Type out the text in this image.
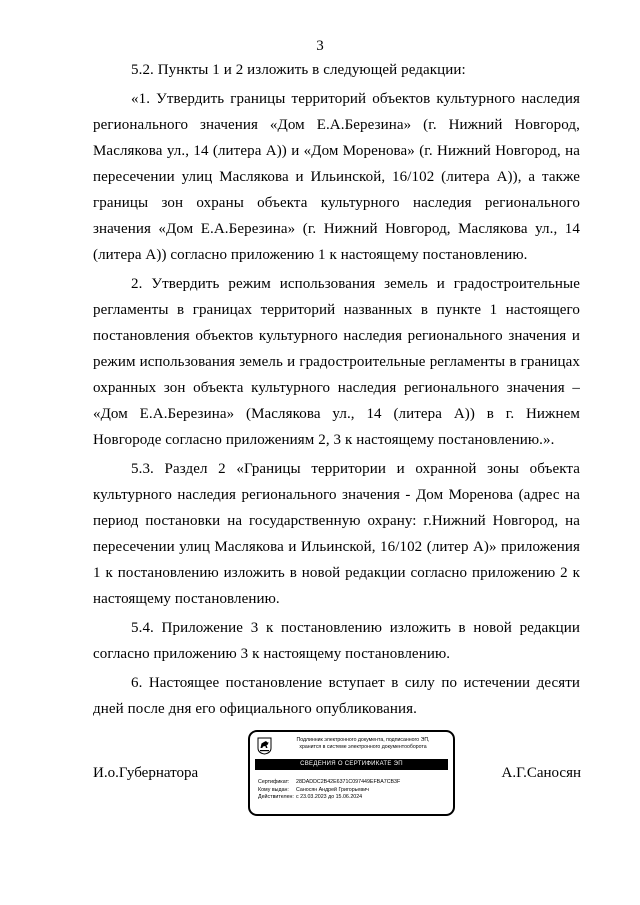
3

5.2. Пункты 1 и 2 изложить в следующей редакции:

«1. Утвердить границы территорий объектов культурного наследия регионального значения «Дом Е.А.Березина» (г. Нижний Новгород, Маслякова ул., 14 (литера А)) и «Дом Моренова» (г. Нижний Новгород, на пересечении улиц Маслякова и Ильинской, 16/102 (литера А)), а также границы зон охраны объекта культурного наследия регионального значения «Дом Е.А.Березина» (г. Нижний Новгород, Маслякова ул., 14 (литера А)) согласно приложению 1 к настоящему постановлению.

2. Утвердить режим использования земель и градостроительные регламенты в границах территорий названных в пункте 1 настоящего постановления объектов культурного наследия регионального значения и режим использования земель и градостроительные регламенты в границах охранных зон объекта культурного наследия регионального значения – «Дом Е.А.Березина» (Маслякова ул., 14 (литера А)) в г. Нижнем Новгороде согласно приложениям 2, 3 к настоящему постановлению.».

5.3. Раздел 2 «Границы территории и охранной зоны объекта культурного наследия регионального значения - Дом Моренова (адрес на период постановки на государственную охрану: г.Нижний Новгород, на пересечении улиц Маслякова и Ильинской, 16/102 (литер А)» приложения 1 к постановлению изложить в новой редакции согласно приложению 2 к настоящему постановлению.

5.4. Приложение 3 к постановлению изложить в новой редакции согласно приложению 3 к настоящему постановлению.

6. Настоящее постановление вступает в силу по истечении десяти дней после дня его официального опубликования.

И.о.Губернатора	А.Г.Саносян
Подлинник электронного документа, подписанного ЭП,
хранится в системе электронного документооборота
СВЕДЕНИЯ О СЕРТИФИКАТЕ ЭП
Сертификат: 28DADDC2B42E6371C097449EFBA7CB3F
Кому выдан: Саносян Андрей Григорьевич
Действителен: с 23.03.2023 до 15.06.2024
